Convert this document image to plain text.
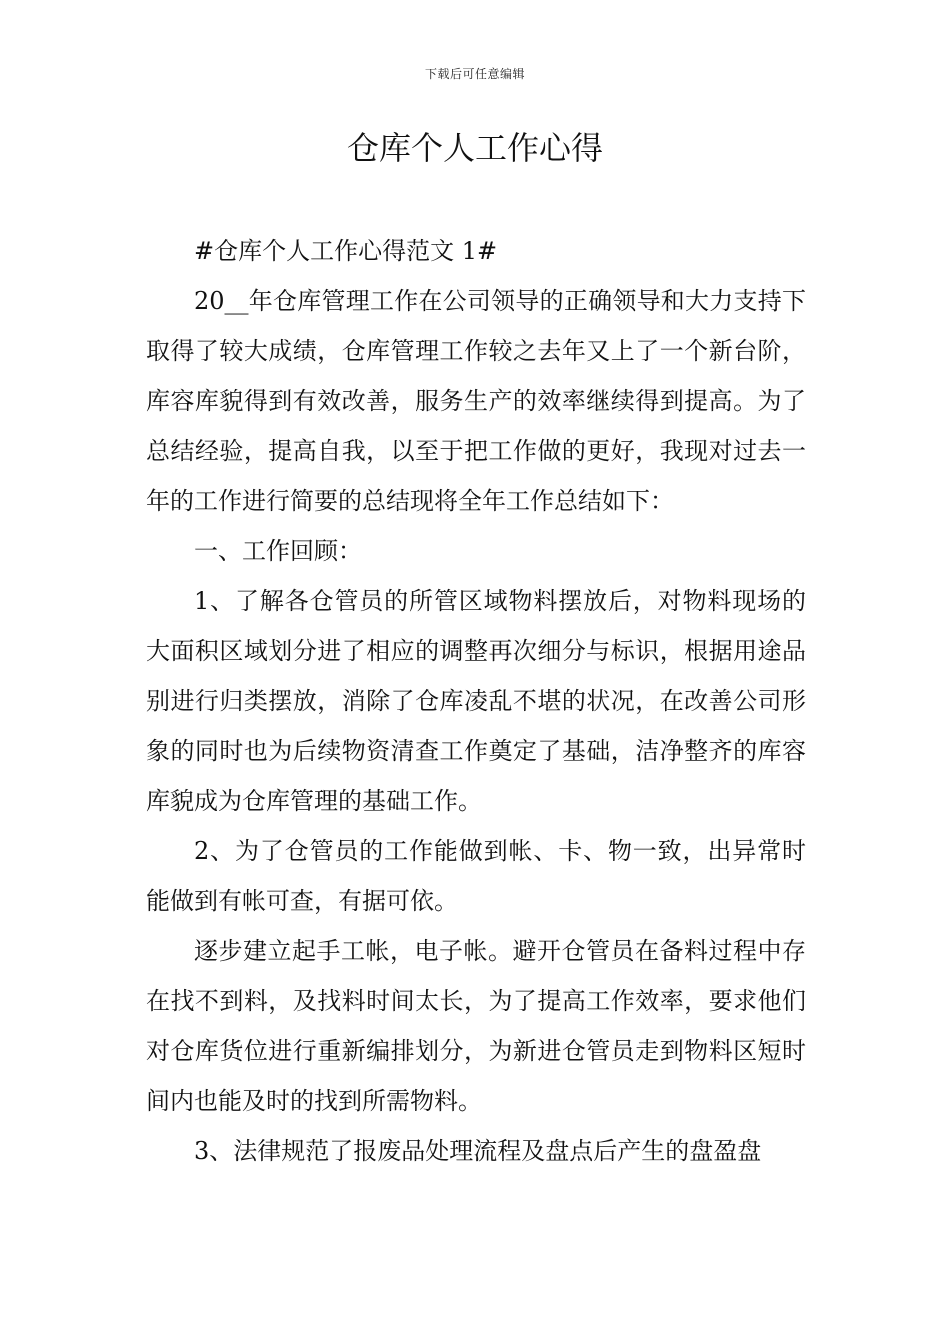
下载后可任意编辑
仓库个人工作心得

#仓库个人工作心得范文 1#

20__年仓库管理工作在公司领导的正确领导和大力支持下取得了较大成绩，仓库管理工作较之去年又上了一个新台阶，库容库貌得到有效改善，服务生产的效率继续得到提高。为了总结经验，提高自我，以至于把工作做的更好，我现对过去一年的工作进行简要的总结现将全年工作总结如下：

一、工作回顾：

1、了解各仓管员的所管区域物料摆放后，对物料现场的大面积区域划分进了相应的调整再次细分与标识，根据用途品别进行归类摆放，消除了仓库凌乱不堪的状况，在改善公司形象的同时也为后续物资清查工作奠定了基础，洁净整齐的库容库貌成为仓库管理的基础工作。

2、为了仓管员的工作能做到帐、卡、物一致，出异常时能做到有帐可查，有据可依。

逐步建立起手工帐，电子帐。避开仓管员在备料过程中存在找不到料，及找料时间太长，为了提高工作效率，要求他们对仓库货位进行重新编排划分，为新进仓管员走到物料区短时间内也能及时的找到所需物料。

3、法律规范了报废品处理流程及盘点后产生的盘盈盘
